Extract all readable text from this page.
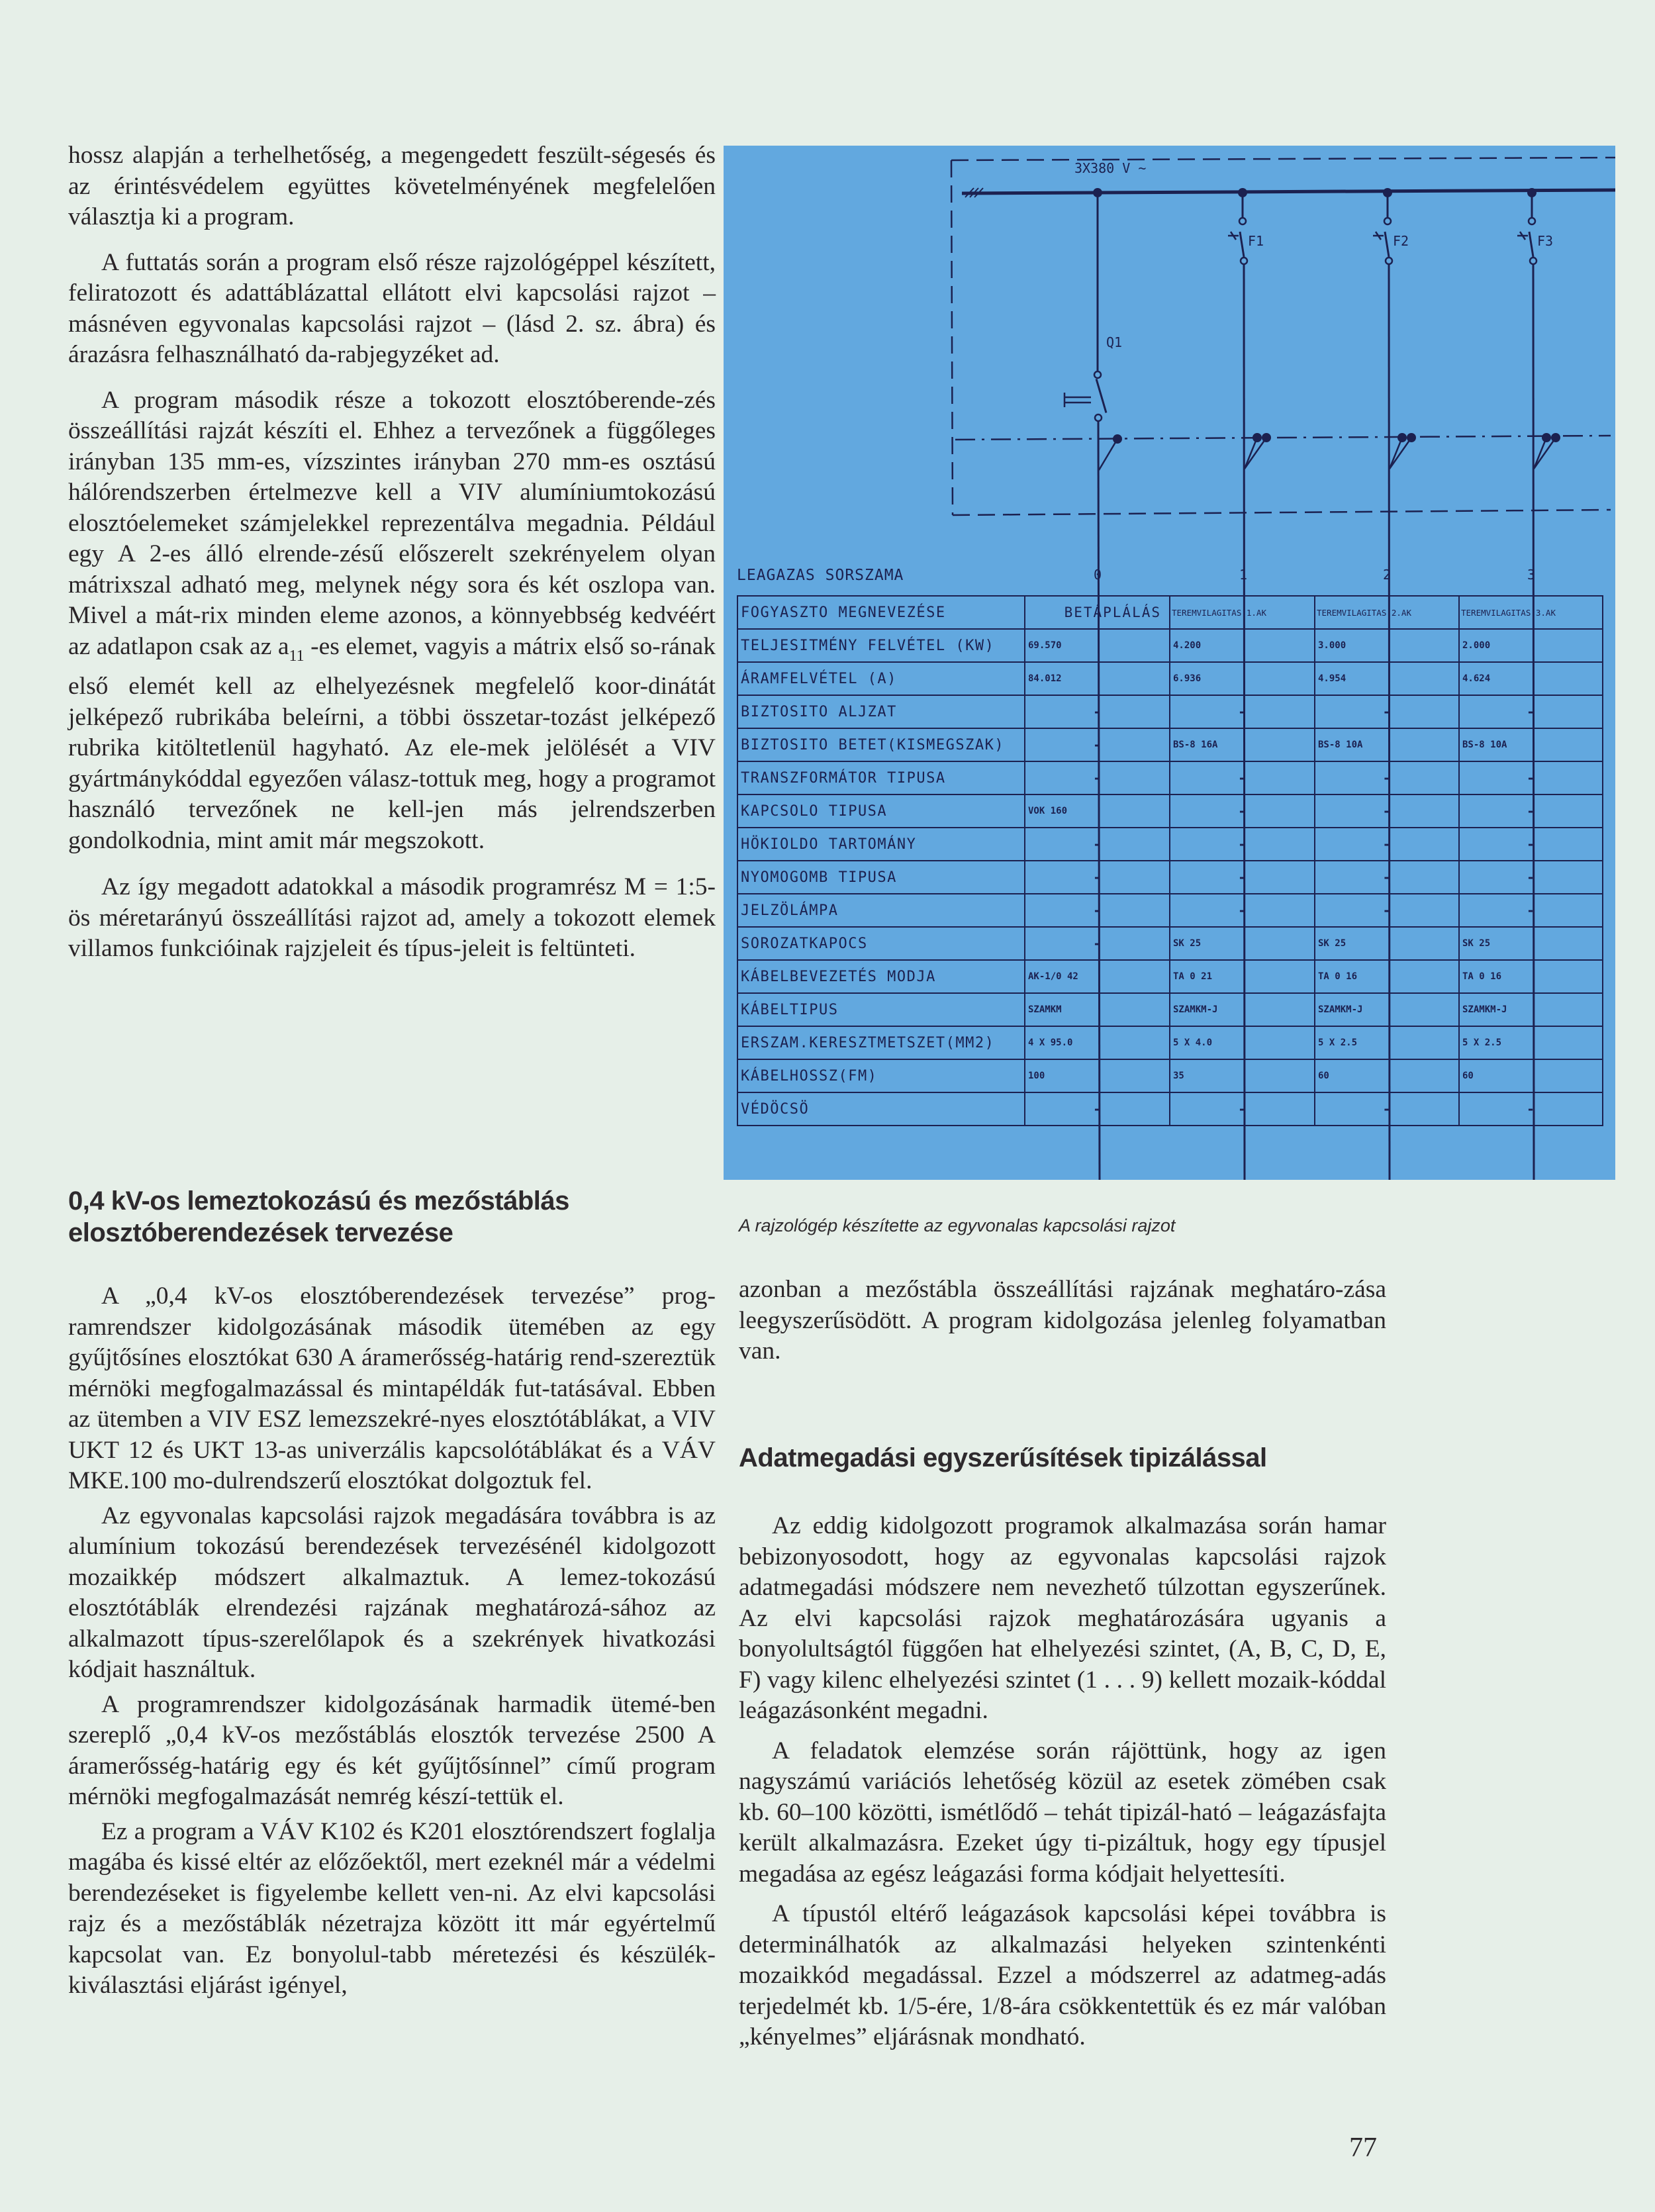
hossz alapján a terhelhetőség, a megengedett feszült-ségesés és az érintésvédelem együttes követelményének megfelelően választja ki a program.

A futtatás során a program első része rajzológéppel készített, feliratozott és adattáblázattal ellátott elvi kapcsolási rajzot – másnéven egyvonalas kapcsolási rajzot – (lásd 2. sz. ábra) és árazásra felhasználható da-rabjegyzéket ad.

A program második része a tokozott elosztóberende-zés összeállítási rajzát készíti el. Ehhez a tervezőnek a függőleges irányban 135 mm-es, vízszintes irányban 270 mm-es osztású hálórendszerben értelmezve kell a VIV alumíniumtokozású elosztóelemeket számjelekkel reprezentálva megadnia. Például egy A 2-es álló elrende-zésű előszerelt szekrényelem olyan mátrixszal adható meg, melynek négy sora és két oszlopa van. Mivel a mát-rix minden eleme azonos, a könnyebbség kedvéért az adatlapon csak az $a_{11}$ -es elemet, vagyis a mátrix első so-rának első elemét kell az elhelyezésnek megfelelő koor-dinátát jelképező rubrikába beleírni, a többi összetar-tozást jelképező rubrika kitöltetlenül hagyható. Az ele-mek jelölését a VIV gyártmánykóddal egyezően válasz-tottuk meg, hogy a programot használó tervezőnek ne kell-jen más jelrendszerben gondolkodnia, mint amit már megszokott.

Az így megadott adatokkal a második programrész M = 1:5-ös méretarányú összeállítási rajzot ad, amely a tokozott elemek villamos funkcióinak rajzjeleit és típus-jeleit is feltünteti.

0,4 kV-os lemeztokozású és mezőstáblás
elosztóberendezések tervezése

A „0,4 kV-os elosztóberendezések tervezése” prog-ramrendszer kidolgozásának második ütemében az egy gyűjtősínes elosztókat 630 A áramerősség-határig rend-szereztük mérnöki megfogalmazással és mintapéldák fut-tatásával. Ebben az ütemben a VIV ESZ lemezszekré-nyes elosztótáblákat, a VIV UKT 12 és UKT 13-as univerzális kapcsolótáblákat és a VÁV MKE.100 mo-dulrendszerű elosztókat dolgoztuk fel.

Az egyvonalas kapcsolási rajzok megadására továbbra is az alumínium tokozású berendezések tervezésénél kidolgozott mozaikkép módszert alkalmaztuk. A lemez-tokozású elosztótáblák elrendezési rajzának meghatározá-sához az alkalmazott típus-szerelőlapok és a szekrények hivatkozási kódjait használtuk.

A programrendszer kidolgozásának harmadik ütemé-ben szereplő „0,4 kV-os mezőstáblás elosztók tervezése 2500 A áramerősség-határig egy és két gyűjtősínnel” című program mérnöki megfogalmazását nemrég készí-tettük el.

Ez a program a VÁV K102 és K201 elosztórendszert foglalja magába és kissé eltér az előzőektől, mert ezeknél már a védelmi berendezéseket is figyelembe kellett ven-ni. Az elvi kapcsolási rajz és a mezőstáblák nézetrajza között itt már egyértelmű kapcsolat van. Ez bonyolul-tabb méretezési és készülék-kiválasztási eljárást igényel,

3X380 V ~
Q1
F1	F2	F3
LEAGAZAS SORSZAMA	0	1	2	3
FOGYASZTO MEGNEVEZÉSE	BETÁPLÁLÁS	TEREMVILAGITAS 1.AK	TEREMVILAGITAS 2.AK	TEREMVILAGITAS 3.AK
TELJESITMÉNY FELVÉTEL (KW)	69.570	4.200	3.000	2.000
ÁRAMFELVÉTEL (A)	84.012	6.936	4.954	4.624
BIZTOSITO ALJZAT	-	-	-	-
BIZTOSITO BETET(KISMEGSZAK)	-	BS-8 16A	BS-8 10A	BS-8 10A
TRANSZFORMÁTOR TIPUSA	-	-	-	-
KAPCSOLO TIPUSA	VOK 160	-	-	-
HÖKIOLDO TARTOMÁNY	-	-	-	-
NYOMOGOMB TIPUSA	-	-	-	-
JELZÖLÁMPA	-	-	-	-
SOROZATKAPOCS	-	SK 25	SK 25	SK 25
KÁBELBEVEZETÉS MODJA	AK-1/0 42	TA 0 21	TA 0 16	TA 0 16
KÁBELTIPUS	SZAMKM	SZAMKM-J	SZAMKM-J	SZAMKM-J
ERSZAM.KERESZTMETSZET(MM2)	4 X 95.0	5 X 4.0	5 X 2.5	5 X 2.5
KÁBELHOSSZ(FM)	100	35	60	60
VÉDÖCSÖ	-	-	-	-
A rajzológép készítette az egyvonalas kapcsolási rajzot

azonban a mezőstábla összeállítási rajzának meghatáro-zása leegyszerűsödött. A program kidolgozása jelenleg folyamatban van.

Adatmegadási egyszerűsítések tipizálással

Az eddig kidolgozott programok alkalmazása során hamar bebizonyosodott, hogy az egyvonalas kapcsolási rajzok adatmegadási módszere nem nevezhető túlzottan egyszerűnek. Az elvi kapcsolási rajzok meghatározására ugyanis a bonyolultságtól függően hat elhelyezési szintet, (A, B, C, D, E, F) vagy kilenc elhelyezési szintet (1 . . . 9) kellett mozaik-kóddal leágazásonként megadni.

A feladatok elemzése során rájöttünk, hogy az igen nagyszámú variációs lehetőség közül az esetek zömében csak kb. 60–100 közötti, ismétlődő – tehát tipizál-ható – leágazásfajta került alkalmazásra. Ezeket úgy ti-pizáltuk, hogy egy típusjel megadása az egész leágazási forma kódjait helyettesíti.

A típustól eltérő leágazások kapcsolási képei továbbra is determinálhatók az alkalmazási helyeken szintenkénti mozaikkód megadással. Ezzel a módszerrel az adatmeg-adás terjedelmét kb. 1/5-ére, 1/8-ára csökkentettük és ez már valóban „kényelmes” eljárásnak mondható.

77
